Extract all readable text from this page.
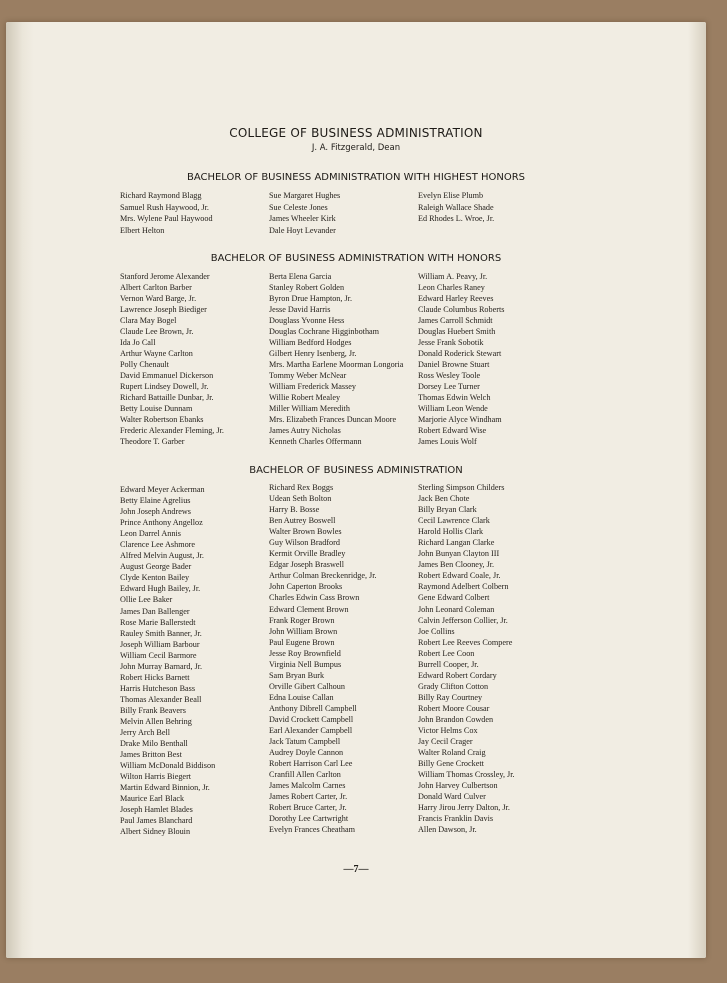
COLLEGE OF BUSINESS ADMINISTRATION

J. A. Fitzgerald, Dean

BACHELOR OF BUSINESS ADMINISTRATION WITH HIGHEST HONORS
Richard Raymond Blagg
Samuel Rush Haywood, Jr.
Mrs. Wylene Paul Haywood
Elbert Helton
Sue Margaret Hughes
Sue Celeste Jones
James Wheeler Kirk
Dale Hoyt Levander
Evelyn Elise Plumb
Raleigh Wallace Shade
Ed Rhodes L. Wroe, Jr.
BACHELOR OF BUSINESS ADMINISTRATION WITH HONORS
Stanford Jerome Alexander
Albert Carlton Barber
Vernon Ward Barge, Jr.
Lawrence Joseph Biediger
Clara May Bogel
Claude Lee Brown, Jr.
Ida Jo Call
Arthur Wayne Carlton
Polly Chenault
David Emmanuel Dickerson
Rupert Lindsey Dowell, Jr.
Richard Battaille Dunbar, Jr.
Betty Louise Dunnam
Walter Robertson Ebanks
Frederic Alexander Fleming, Jr.
Theodore T. Garber
Berta Elena Garcia
Stanley Robert Golden
Byron Drue Hampton, Jr.
Jesse David Harris
Douglass Yvonne Hess
Douglas Cochrane Higginbotham
William Bedford Hodges
Gilbert Henry Isenberg, Jr.
Mrs. Martha Earlene Moorman Longoria
Tommy Weber McNear
William Frederick Massey
Willie Robert Mealey
Miller William Meredith
Mrs. Elizabeth Frances Duncan Moore
James Autry Nicholas
Kenneth Charles Offermann
William A. Peavy, Jr.
Leon Charles Raney
Edward Harley Reeves
Claude Columbus Roberts
James Carroll Schmidt
Douglas Huebert Smith
Jesse Frank Sobotik
Donald Roderick Stewart
Daniel Browne Stuart
Ross Wesley Toole
Dorsey Lee Turner
Thomas Edwin Welch
William Leon Wende
Marjorie Alyce Windham
Robert Edward Wise
James Louis Wolf
BACHELOR OF BUSINESS ADMINISTRATION
Edward Meyer Ackerman
Betty Elaine Agrelius
John Joseph Andrews
Prince Anthony Angelloz
Leon Darrel Annis
Clarence Lee Ashmore
Alfred Melvin August, Jr.
August George Bader
Clyde Kenton Bailey
Edward Hugh Bailey, Jr.
Ollie Lee Baker
James Dan Ballenger
Rose Marie Ballerstedt
Rauley Smith Banner, Jr.
Joseph William Barbour
William Cecil Barmore
John Murray Barnard, Jr.
Robert Hicks Barnett
Harris Hutcheson Bass
Thomas Alexander Beall
Billy Frank Beavers
Melvin Allen Behring
Jerry Arch Bell
Drake Milo Benthall
James Britton Best
William McDonald Biddison
Wilton Harris Biegert
Martin Edward Binnion, Jr.
Maurice Earl Black
Joseph Hamlet Blades
Paul James Blanchard
Albert Sidney Blouin
Richard Rex Boggs
Udean Seth Bolton
Harry B. Bosse
Ben Autrey Boswell
Walter Brown Bowles
Guy Wilson Bradford
Kermit Orville Bradley
Edgar Joseph Braswell
Arthur Colman Breckenridge, Jr.
John Caperton Brooks
Charles Edwin Cass Brown
Edward Clement Brown
Frank Roger Brown
John William Brown
Paul Eugene Brown
Jesse Roy Brownfield
Virginia Nell Bumpus
Sam Bryan Burk
Orville Gibert Calhoun
Edna Louise Callan
Anthony Dibrell Campbell
David Crockett Campbell
Earl Alexander Campbell
Jack Tatum Campbell
Audrey Doyle Cannon
Robert Harrison Carl Lee
Cranfill Allen Carlton
James Malcolm Carnes
James Robert Carter, Jr.
Robert Bruce Carter, Jr.
Dorothy Lee Cartwright
Evelyn Frances Cheatham
Sterling Simpson Childers
Jack Ben Chote
Billy Bryan Clark
Cecil Lawrence Clark
Harold Hollis Clark
Richard Langan Clarke
John Bunyan Clayton III
James Ben Clooney, Jr.
Robert Edward Coale, Jr.
Raymond Adelbert Colbern
Gene Edward Colbert
John Leonard Coleman
Calvin Jefferson Collier, Jr.
Joe Collins
Robert Lee Reeves Compere
Robert Lee Coon
Burrell Cooper, Jr.
Edward Robert Cordary
Grady Clifton Cotton
Billy Ray Courtney
Robert Moore Cousar
John Brandon Cowden
Victor Helms Cox
Jay Cecil Crager
Walter Roland Craig
Billy Gene Crockett
William Thomas Crossley, Jr.
John Harvey Culbertson
Donald Ward Culver
Harry Jirou Jerry Dalton, Jr.
Francis Franklin Davis
Allen Dawson, Jr.

—7—
